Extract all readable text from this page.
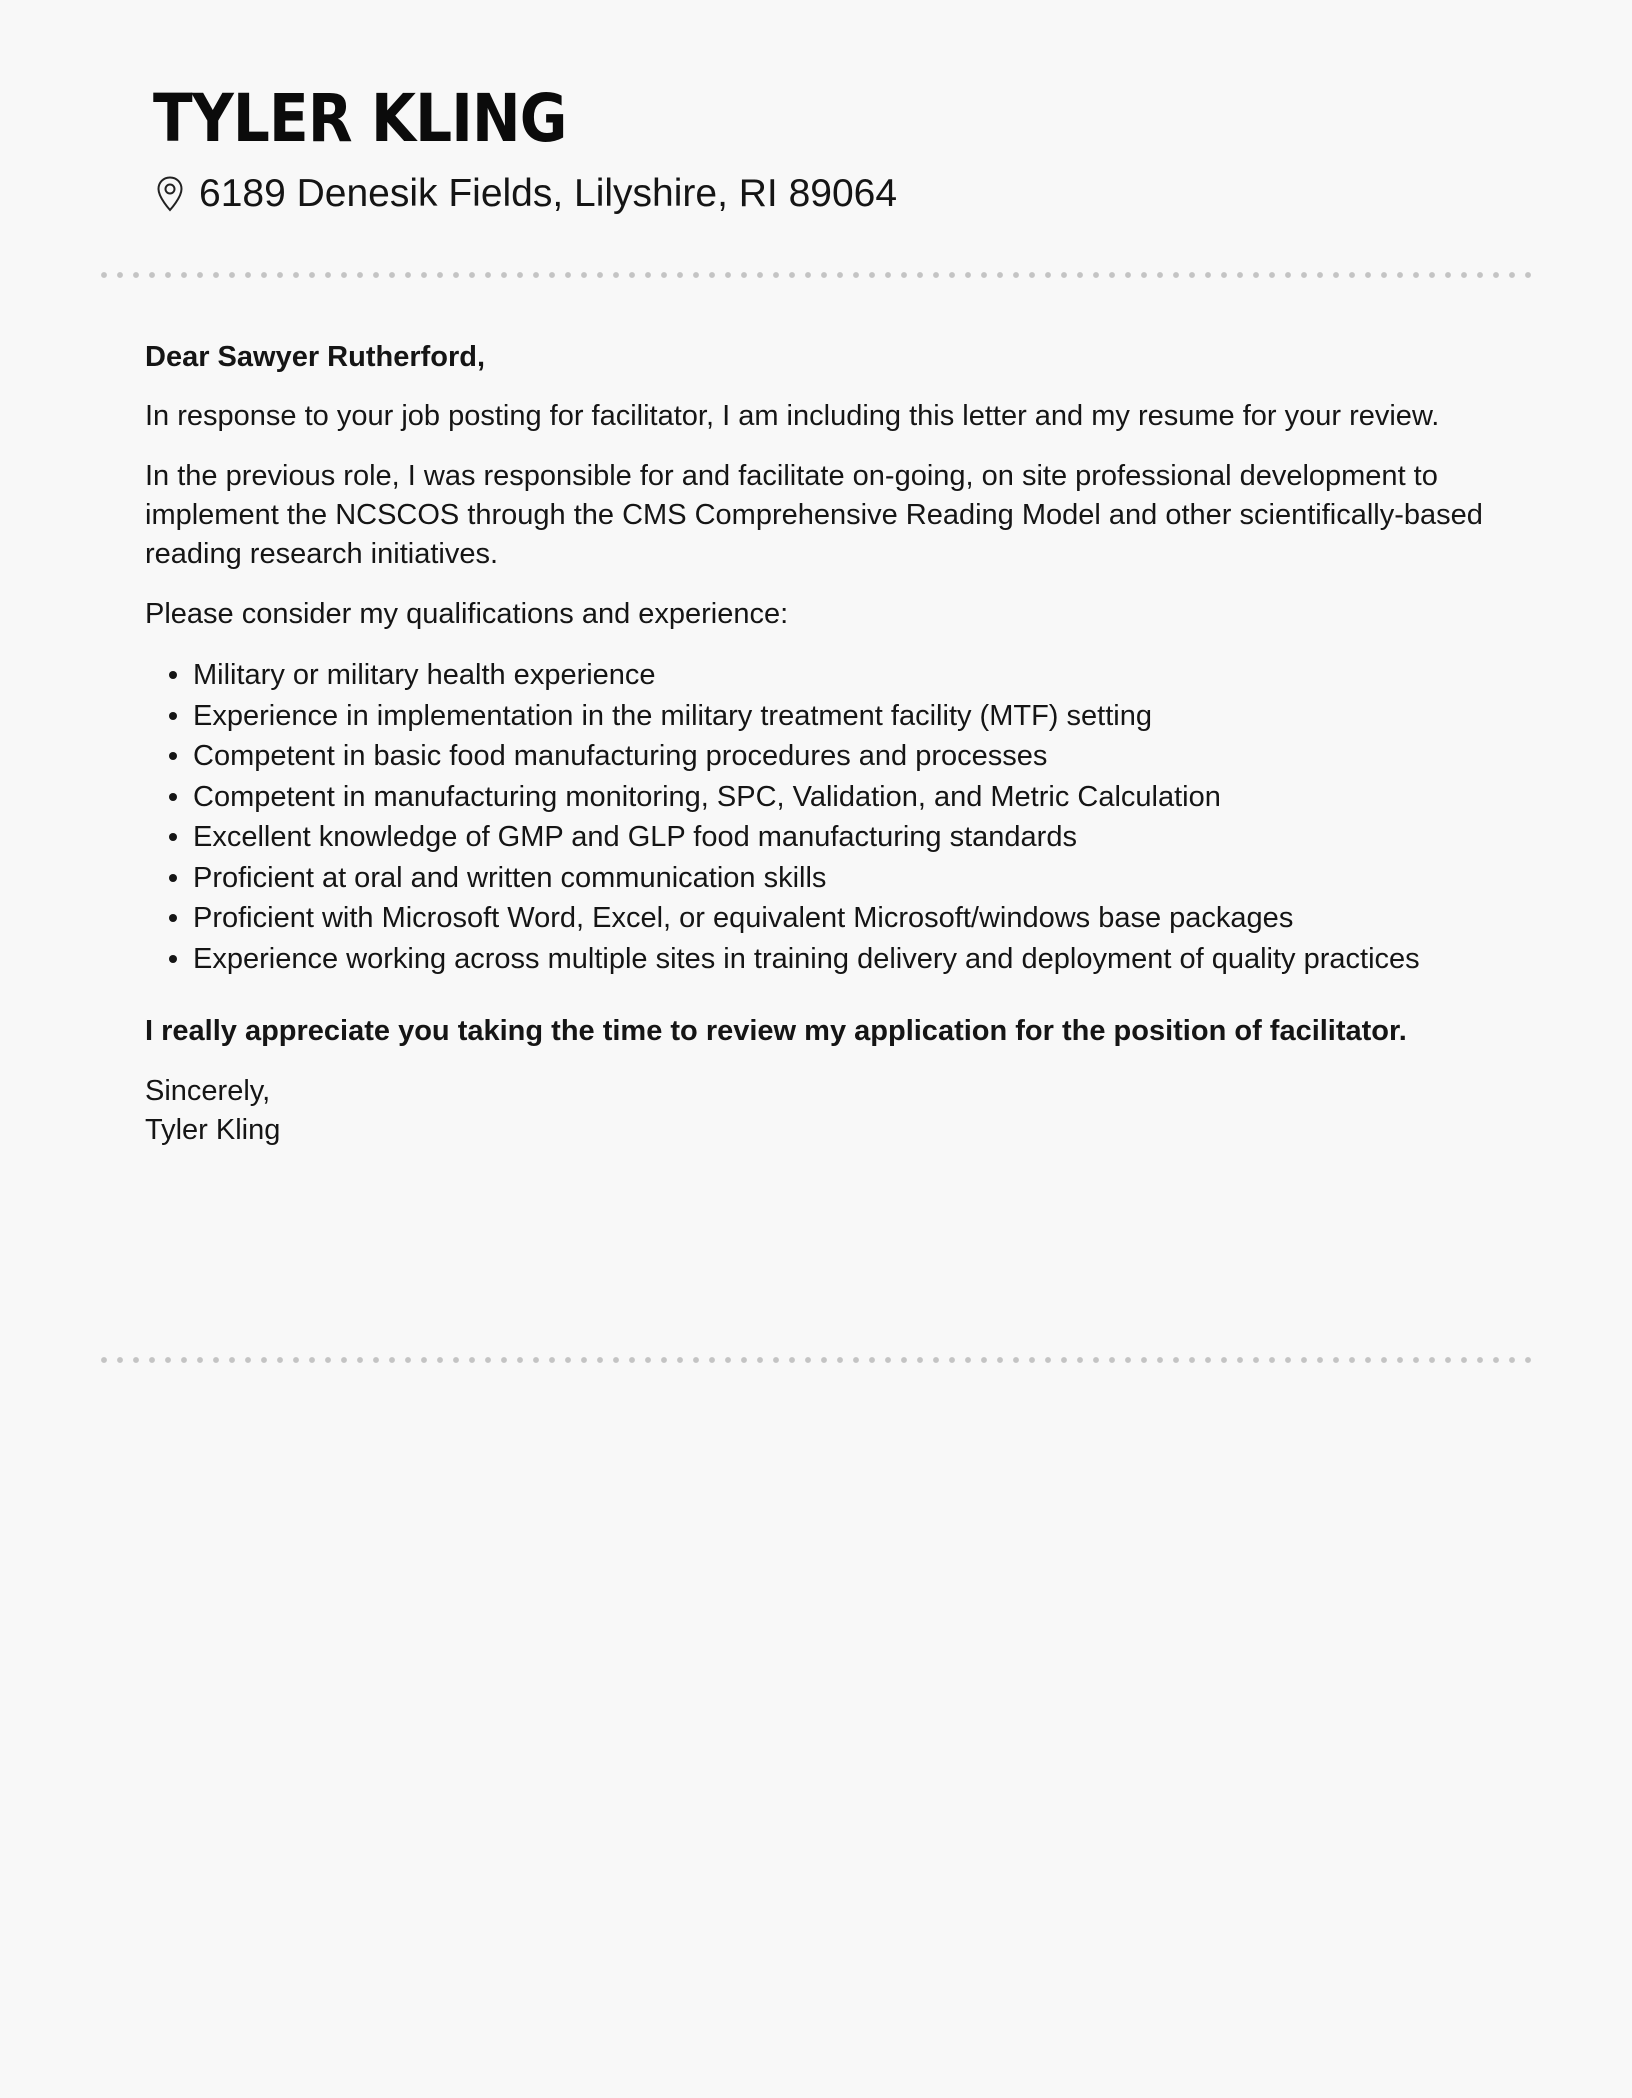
TYLER KLING
6189 Denesik Fields, Lilyshire, RI 89064

Dear Sawyer Rutherford,

In response to your job posting for facilitator, I am including this letter and my resume for your review.

In the previous role, I was responsible for and facilitate on-going, on site professional development to implement the NCSCOS through the CMS Comprehensive Reading Model and other scientifically-based reading research initiatives.

Please consider my qualifications and experience:

Military or military health experience
Experience in implementation in the military treatment facility (MTF) setting
Competent in basic food manufacturing procedures and processes
Competent in manufacturing monitoring, SPC, Validation, and Metric Calculation
Excellent knowledge of GMP and GLP food manufacturing standards
Proficient at oral and written communication skills
Proficient with Microsoft Word, Excel, or equivalent Microsoft/windows base packages
Experience working across multiple sites in training delivery and deployment of quality practices

I really appreciate you taking the time to review my application for the position of facilitator.

Sincerely,
Tyler Kling
